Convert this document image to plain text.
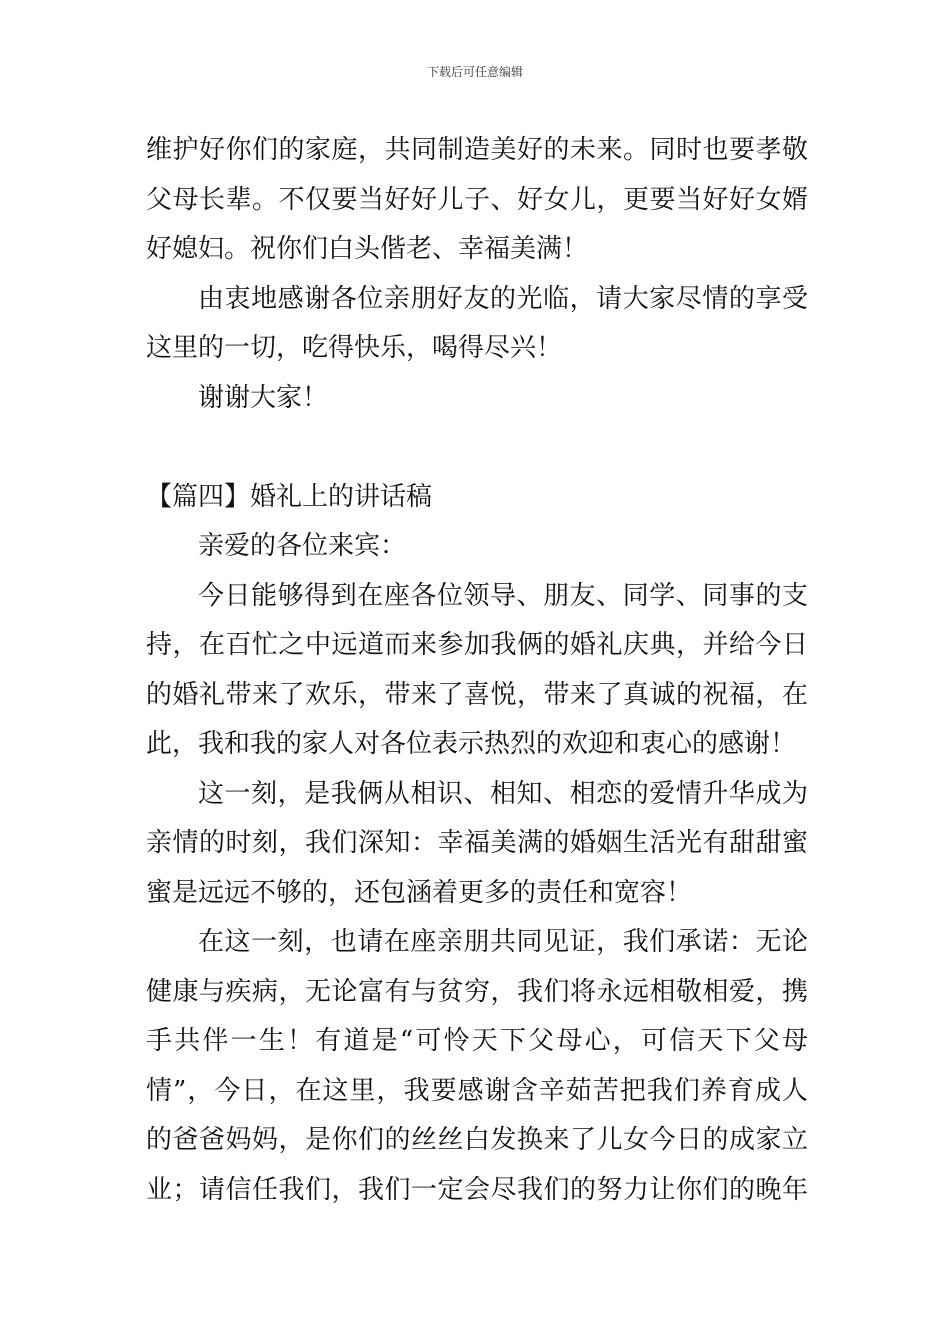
下载后可任意编辑
维护好你们的家庭，共同制造美好的未来。同时也要孝敬
父母长辈。不仅要当好好儿子、好女儿，更要当好好女婿
好媳妇。祝你们白头偕老、幸福美满！
由衷地感谢各位亲朋好友的光临，请大家尽情的享受
这里的一切，吃得快乐，喝得尽兴！
谢谢大家！
【篇四】婚礼上的讲话稿
亲爱的各位来宾：
今日能够得到在座各位领导、朋友、同学、同事的支
持，在百忙之中远道而来参加我俩的婚礼庆典，并给今日
的婚礼带来了欢乐，带来了喜悦，带来了真诚的祝福，在
此，我和我的家人对各位表示热烈的欢迎和衷心的感谢！
这一刻，是我俩从相识、相知、相恋的爱情升华成为
亲情的时刻，我们深知：幸福美满的婚姻生活光有甜甜蜜
蜜是远远不够的，还包涵着更多的责任和宽容！
在这一刻，也请在座亲朋共同见证，我们承诺：无论
健康与疾病，无论富有与贫穷，我们将永远相敬相爱，携
手共伴一生！有道是“可怜天下父母心，可信天下父母
情”，今日，在这里，我要感谢含辛茹苦把我们养育成人
的爸爸妈妈，是你们的丝丝白发换来了儿女今日的成家立
业；请信任我们，我们一定会尽我们的努力让你们的晚年
